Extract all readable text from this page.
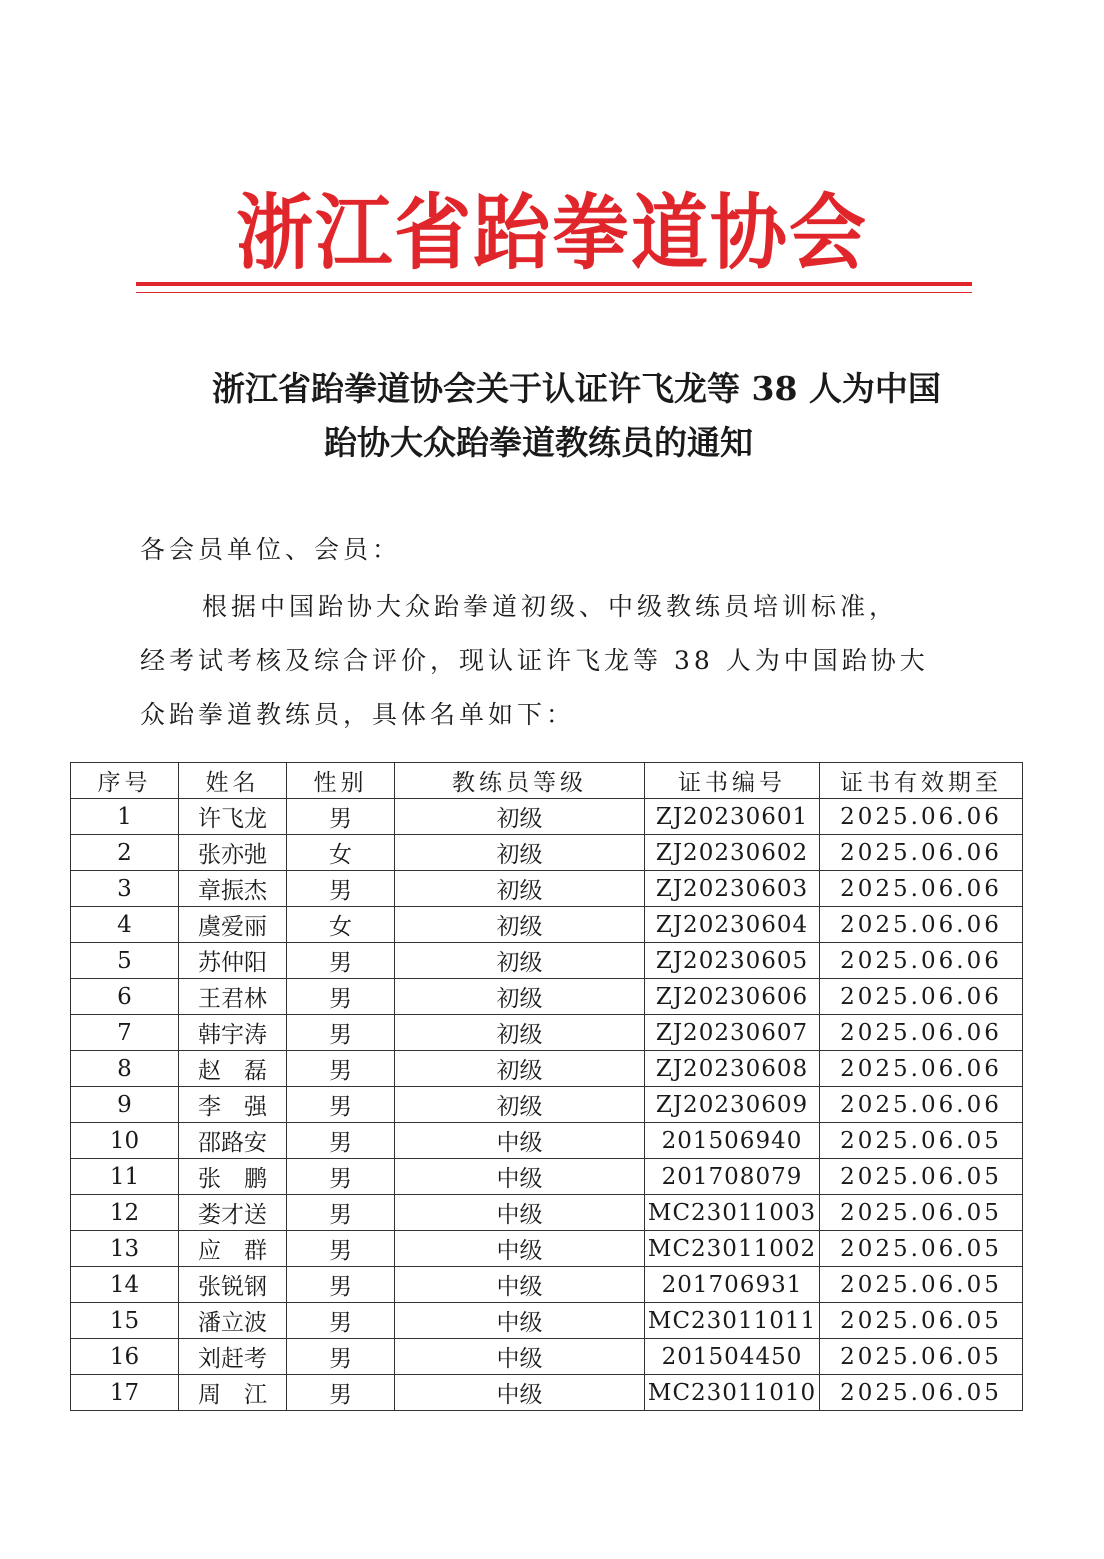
浙江省跆拳道协会
浙江省跆拳道协会关于认证许飞龙等 38 人为中国
跆协大众跆拳道教练员的通知
各会员单位、会员：
根据中国跆协大众跆拳道初级、中级教练员培训标准，
经考试考核及综合评价，现认证许飞龙等 38 人为中国跆协大
众跆拳道教练员，具体名单如下：
序号	姓名	性别	教练员等级	证书编号	证书有效期至
1	许飞龙	男	初级	ZJ20230601	2025.06.06
2	张亦弛	女	初级	ZJ20230602	2025.06.06
3	章振杰	男	初级	ZJ20230603	2025.06.06
4	虞爱丽	女	初级	ZJ20230604	2025.06.06
5	苏仲阳	男	初级	ZJ20230605	2025.06.06
6	王君林	男	初级	ZJ20230606	2025.06.06
7	韩宇涛	男	初级	ZJ20230607	2025.06.06
8	赵　磊	男	初级	ZJ20230608	2025.06.06
9	李　强	男	初级	ZJ20230609	2025.06.06
10	邵路安	男	中级	201506940	2025.06.05
11	张　鹏	男	中级	201708079	2025.06.05
12	娄才送	男	中级	MC23011003	2025.06.05
13	应　群	男	中级	MC23011002	2025.06.05
14	张锐钢	男	中级	201706931	2025.06.05
15	潘立波	男	中级	MC23011011	2025.06.05
16	刘赶考	男	中级	201504450	2025.06.05
17	周　江	男	中级	MC23011010	2025.06.05
